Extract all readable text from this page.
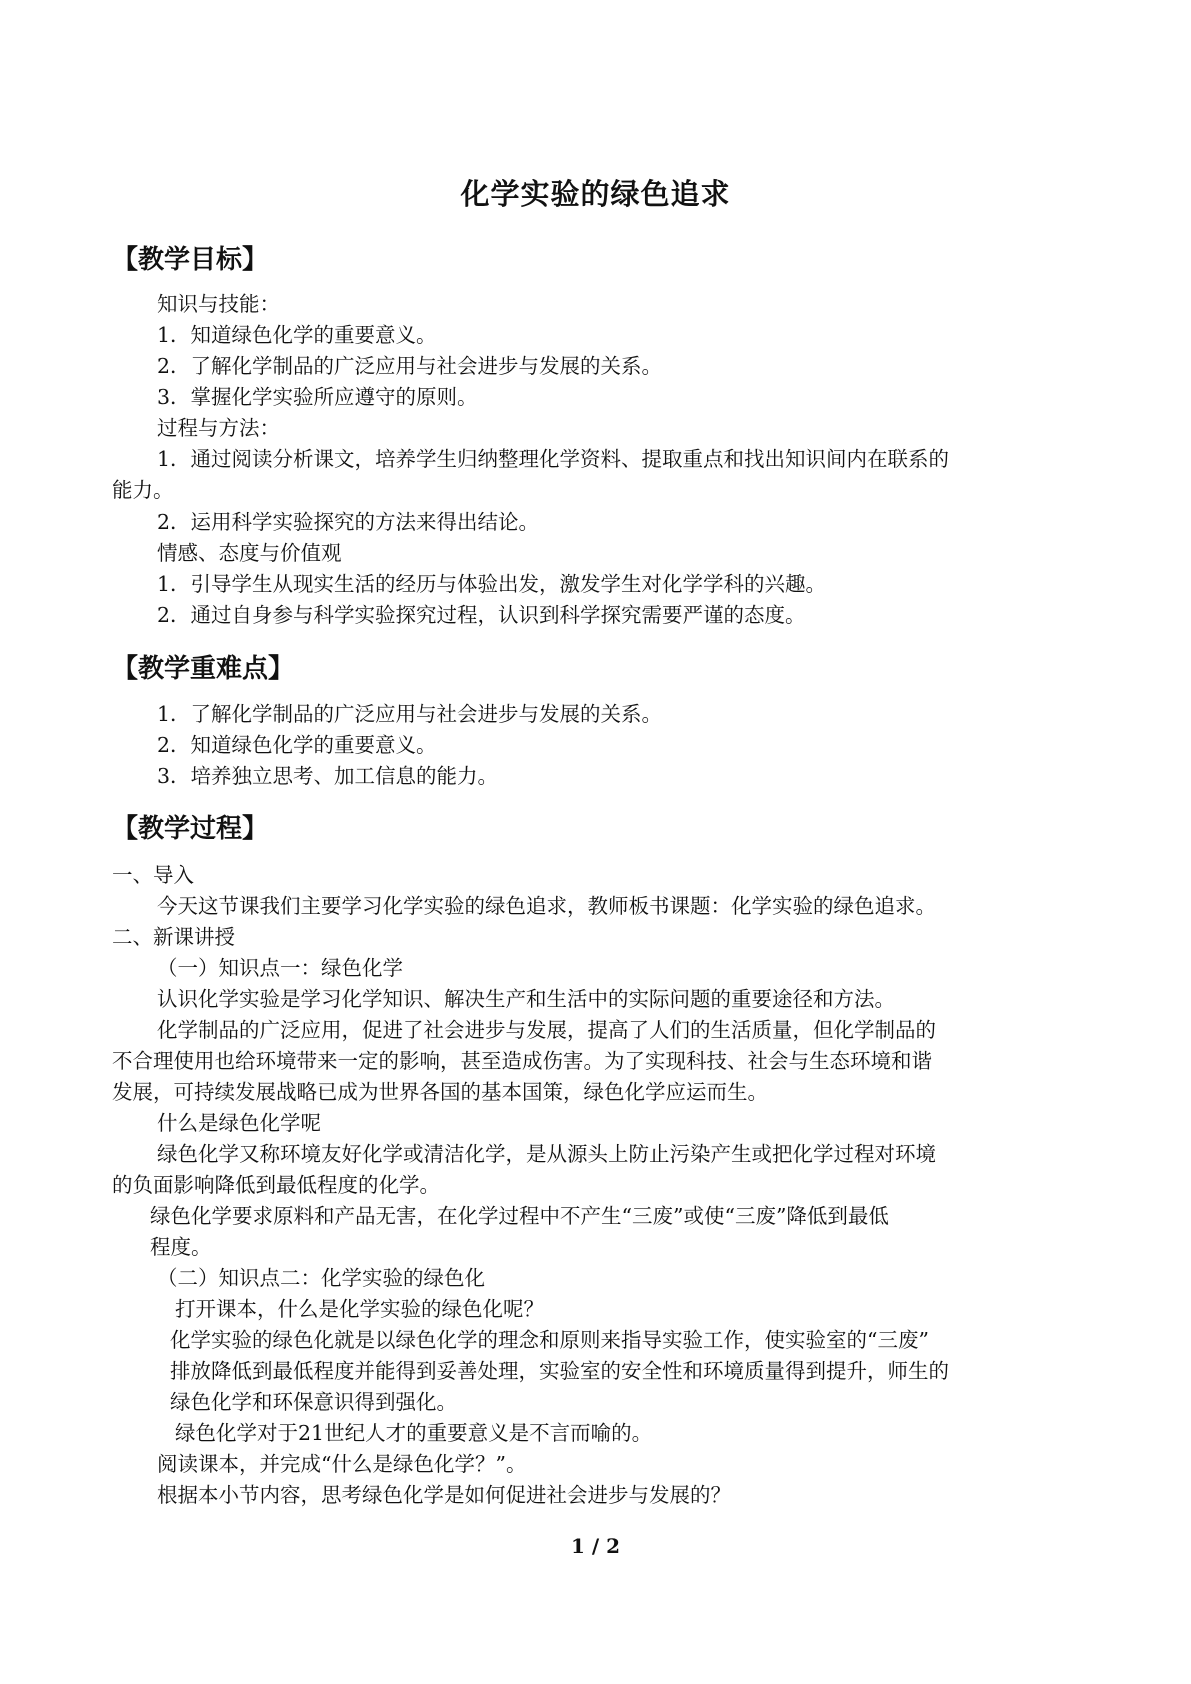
化学实验的绿色追求
【教学目标】
知识与技能：
1．知道绿色化学的重要意义。
2．了解化学制品的广泛应用与社会进步与发展的关系。
3．掌握化学实验所应遵守的原则。
过程与方法：
1．通过阅读分析课文，培养学生归纳整理化学资料、提取重点和找出知识间内在联系的
能力。
2．运用科学实验探究的方法来得出结论。
情感、态度与价值观
1．引导学生从现实生活的经历与体验出发，激发学生对化学学科的兴趣。
2．通过自身参与科学实验探究过程，认识到科学探究需要严谨的态度。
【教学重难点】
1．了解化学制品的广泛应用与社会进步与发展的关系。
2．知道绿色化学的重要意义。
3．培养独立思考、加工信息的能力。
【教学过程】
一、导入
今天这节课我们主要学习化学实验的绿色追求，教师板书课题：化学实验的绿色追求。
二、新课讲授
（一）知识点一：绿色化学
认识化学实验是学习化学知识、解决生产和生活中的实际问题的重要途径和方法。
化学制品的广泛应用，促进了社会进步与发展，提高了人们的生活质量，但化学制品的
不合理使用也给环境带来一定的影响，甚至造成伤害。为了实现科技、社会与生态环境和谐
发展，可持续发展战略已成为世界各国的基本国策，绿色化学应运而生。
什么是绿色化学呢
绿色化学又称环境友好化学或清洁化学，是从源头上防止污染产生或把化学过程对环境
的负面影响降低到最低程度的化学。
绿色化学要求原料和产品无害，在化学过程中不产生“三废”或使“三废”降低到最低
程度。
（二）知识点二：化学实验的绿色化
打开课本，什么是化学实验的绿色化呢？
化学实验的绿色化就是以绿色化学的理念和原则来指导实验工作，使实验室的“三废”
排放降低到最低程度并能得到妥善处理，实验室的安全性和环境质量得到提升，师生的
绿色化学和环保意识得到强化。
绿色化学对于21世纪人才的重要意义是不言而喻的。
阅读课本，并完成“什么是绿色化学？”。
根据本小节内容，思考绿色化学是如何促进社会进步与发展的？
1 / 2
